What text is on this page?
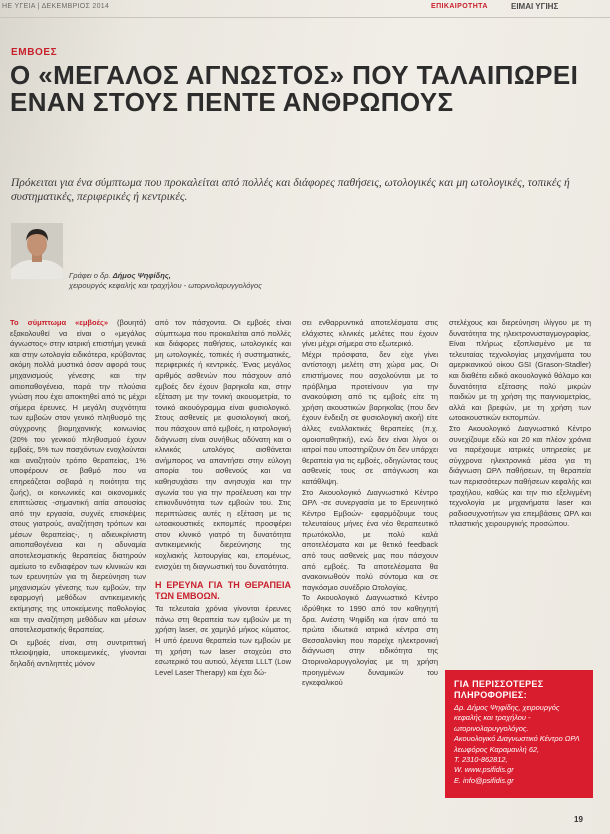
ΗΕ ΥΓΕΙΑ | ΔΕΚΕΜΒΡΙΟΣ 2014	ΕΠΙΚΑΙΡΟΤΗΤΑ	ΕΙΜΑΙ ΥΓΙΗΣ
ΕΜΒΟΕΣ
Ο «ΜΕΓΑΛΟΣ ΑΓΝΩΣΤΟΣ» ΠΟΥ ΤΑΛΑΙΠΩΡΕΙ ΕΝΑΝ ΣΤΟΥΣ ΠΕΝΤΕ ΑΝΘΡΩΠΟΥΣ

Πρόκειται για ένα σύμπτωμα που προκαλείται από πολλές και διάφορες παθήσεις, ωτολογικές και μη ωτολογικές, τοπικές ή συστηματικές, περιφερικές ή κεντρικές.

Γράφει ο δρ. Δήμος Ψηφίδης,
χειρουργός κεφαλής και τραχήλου - ωτορινολαρυγγολόγος

Το σύμπτωμα «εμβοές» (βουητά) εξακολουθεί να είναι ο «μεγάλος άγνωστος» στην ιατρική επιστήμη γενικά και στην ωτολογία ειδικότερα, κρύβοντας ακόμη πολλά μυστικά όσον αφορά τους μηχανισμούς γένεσης και την αιτιοπαθογένεια, παρά την πλούσια γνώση που έχει αποκτηθεί από τις μέχρι σήμερα έρευνες. Η μεγάλη συχνότητα των εμβοών στον γενικό πληθυσμό της σύγχρονης βιομηχανικής κοινωνίας (20% του γενικού πληθυσμού έχουν εμβοές, 5% των πασχόντων ενοχλούνται και αναζητούν τρόπο θεραπείας, 1% υποφέρουν σε βαθμό που να επηρεάζεται σοβαρά η ποιότητα της ζωής), οι κοινωνικές και οικονομικές επιπτώσεις -σημαντική αιτία απουσίας από την εργασία, συχνές επισκέψεις στους γιατρούς, αναζήτηση τρόπων και μέσων θεραπείας-, η αδιευκρίνιστη αιτιοπαθογένεια και η αδυναμία αποτελεσματικής θεραπείας διατηρούν αμείωτο το ενδιαφέρον των κλινικών και των ερευνητών για τη διερεύνηση των μηχανισμών γένεσης των εμβοών, την εφαρμογή μεθόδων αντικειμενικής εκτίμησης της υποκείμενης παθολογίας και την αναζήτηση μεθόδων και μέσων αποτελεσματικής θεραπείας.

Οι εμβοές είναι, στη συντριπτική πλειοψηφία, υποκειμενικές, γίνονται δηλαδή αντιληπτές μόνον

από τον πάσχοντα. Οι εμβοές είναι σύμπτωμα που προκαλείται από πολλές και διάφορες παθήσεις, ωτολογικές και μη ωτολογικές, τοπικές ή συστηματικές, περιφερικές ή κεντρικές. Ένας μεγάλος αριθμός ασθενών που πάσχουν από εμβοές δεν έχουν βαρηκοΐα και, στην εξέταση με την τονική ακουομετρία, το τονικό ακουόγραμμα είναι φυσιολογικό. Στους ασθενείς με φυσιολογική ακοή, που πάσχουν από εμβοές, η ιατρολογική διάγνωση είναι συνήθως αδύνατη και ο κλινικός ωτολόγος αισθάνεται ανήμπορος να απαντήσει στην εύλογη απορία του ασθενούς και να καθησυχάσει την ανησυχία και την αγωνία του για την προέλευση και την επικινδυνότητα των εμβοών του. Στις περιπτώσεις αυτές η εξέταση με τις ωτοακουστικές εκπομπές προσφέρει στον κλινικό γιατρό τη δυνατότητα αντικειμενικής διερεύνησης της κοχλιακής λειτουργίας και, επομένως, ενισχύει τη διαγνωστική του δυνατότητα.

Η ΕΡΕΥΝΑ ΓΙΑ ΤΗ ΘΕΡΑΠΕΙΑ ΤΩΝ ΕΜΒΟΩΝ.

Τα τελευταία χρόνια γίνονται έρευνες πάνω στη θεραπεία των εμβοών με τη χρήση laser, σε χαμηλό μήκος κύματος. Η υπό έρευνα θεραπεία των εμβοών με τη χρήση των laser στοχεύει στο εσωτερικό του αυτιού, λέγεται LLLT (Low Level Laser Therapy) και έχει δώ-

σει ενθαρρυντικά αποτελέσματα στις ελάχιστες κλινικές μελέτες που έχουν γίνει μέχρι σήμερα στο εξωτερικό.

Μέχρι πρόσφατα, δεν είχε γίνει αντίστοιχη μελέτη στη χώρα μας. Οι επιστήμονες που ασχολούνται με το πρόβλημα προτείνουν για την ανακούφιση από τις εμβοές είτε τη χρήση ακουστικών βαρηκοΐας (που δεν έχουν ένδειξη σε φυσιολογική ακοή) είτε άλλες εναλλακτικές θεραπείες (π.χ. ομοιοπαθητική), ενώ δεν είναι λίγοι οι ιατροί που υποστηρίζουν ότι δεν υπάρχει θεραπεία για τις εμβοές, οδηγώντας τους ασθενείς τους σε απόγνωση και κατάθλιψη.

Στο Ακουολογικό Διαγνωστικό Κέντρο ΩΡΛ -σε συνεργασία με το Ερευνητικό Κέντρο Εμβοών- εφαρμόζουμε τους τελευταίους μήνες ένα νέο θεραπευτικό πρωτόκολλο, με πολύ καλά αποτελέσματα και με θετικό feedback από τους ασθενείς μας που πάσχουν από εμβοές. Τα αποτελέσματα θα ανακοινωθούν πολύ σύντομα και σε παγκόσμιο συνέδριο Ωτολογίας.

Το Ακουολογικό Διαγνωστικό Κέντρο ιδρύθηκε το 1990 από τον καθηγητή δρα. Ανέστη Ψηφίδη και ήταν από τα πρώτα ιδιωτικά ιατρικά κέντρα στη Θεσσαλονίκη που παρείχε ηλεκτρονική διάγνωση στην ειδικότητα της Ωτορινολαρυγγολογίας με τη χρήση προηγμένων δυναμικών του εγκεφαλικού

στελέχους και διερεύνηση ιλίγγου με τη δυνατότητα της ηλεκτρονυσταγμογραφίας. Είναι πλήρως εξοπλισμένο με τα τελευταίας τεχνολογίας μηχανήματα του αμερικανικού οίκου GSI (Grason-Stadler) και διαθέτει ειδικό ακουολογικό θάλαμο και δυνατότητα εξέτασης πολύ μικρών παιδιών με τη χρήση της παιγνιομετρίας, αλλά και βρεφών, με τη χρήση των ωτοακουστικών εκπομπών.

Στο Ακουολογικό Διαγνωστικό Κέντρο συνεχίζουμε εδώ και 20 και πλέον χρόνια να παρέχουμε ιατρικές υπηρεσίες με σύγχρονα ηλεκτρονικά μέσα για τη διάγνωση ΩΡΛ παθήσεων, τη θεραπεία των περισσότερων παθήσεων κεφαλής και τραχήλου, καθώς και την πιο εξελιγμένη τεχνολογία με μηχανήματα laser και ραδιοσυχνοτήτων για επεμβάσεις ΩΡΛ και πλαστικής χειρουργικής προσώπου.

ΓΙΑ ΠΕΡΙΣΣΟΤΕΡΕΣ ΠΛΗΡΟΦΟΡΙΕΣ:
Δρ. Δήμος Ψηφίδης, χειρουργός κεφαλής και τραχήλου - ωτορινολαρυγγολόγος.
Ακουολογικό Διαγνωστικό Κέντρο ΩΡΛ
λεωφόρος Καραμανλή 62,
Τ. 2310-862812,
W. www.psifidis.gr
E. info@psifidis.gr
19
